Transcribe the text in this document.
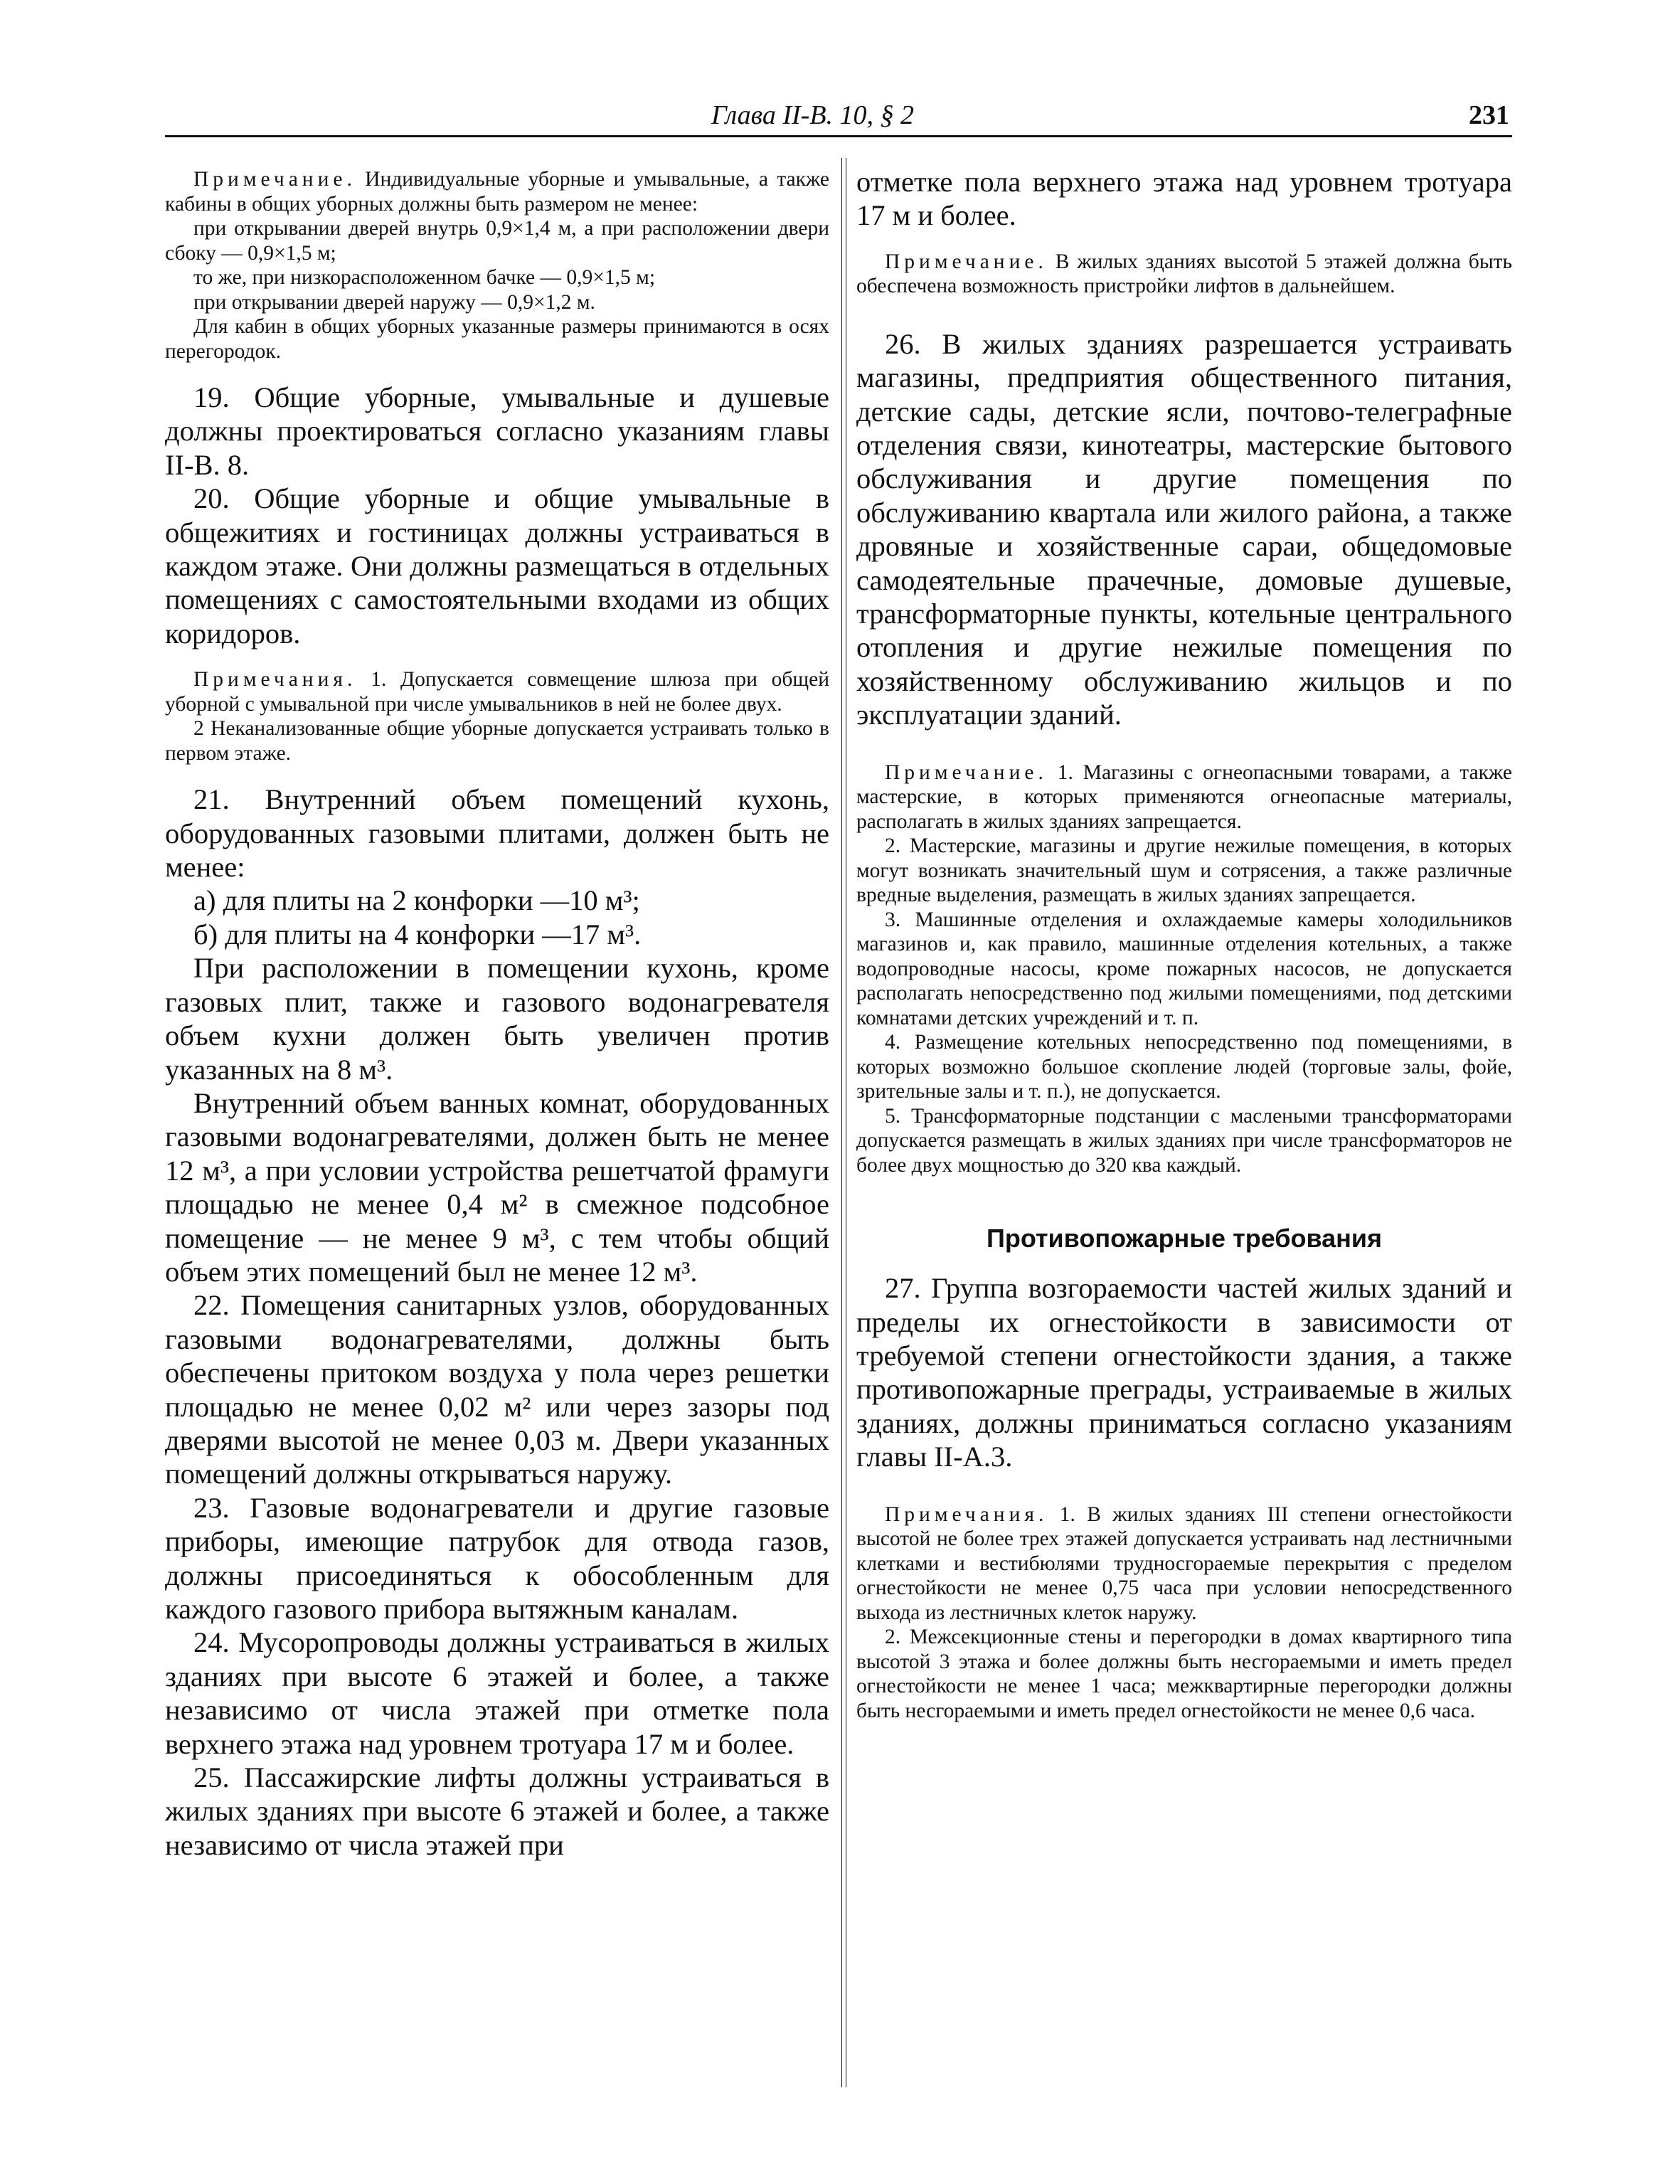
Глава II-В. 10, § 2	231

Примечание. Индивидуальные уборные и умывальные, а также кабины в общих уборных должны быть размером не менее:

при открывании дверей внутрь 0,9×1,4 м, а при расположении двери сбоку — 0,9×1,5 м;

то же, при низкорасположенном бачке — 0,9×1,5 м;

при открывании дверей наружу — 0,9×1,2 м.

Для кабин в общих уборных указанные размеры принимаются в осях перегородок.

19. Общие уборные, умывальные и душевые должны проектироваться согласно указаниям главы II-В. 8.

20. Общие уборные и общие умывальные в общежитиях и гостиницах должны устраиваться в каждом этаже. Они должны размещаться в отдельных помещениях с самостоятельными входами из общих коридоров.

Примечания. 1. Допускается совмещение шлюза при общей уборной с умывальной при числе умывальников в ней не более двух.

2 Неканализованные общие уборные допускается устраивать только в первом этаже.

21. Внутренний объем помещений кухонь, оборудованных газовыми плитами, должен быть не менее:

а) для плиты на 2 конфорки —10 м³;

б) для плиты на 4 конфорки —17 м³.

При расположении в помещении кухонь, кроме газовых плит, также и газового водонагревателя объем кухни должен быть увеличен против указанных на 8 м³.

Внутренний объем ванных комнат, оборудованных газовыми водонагревателями, должен быть не менее 12 м³, а при условии устройства решетчатой фрамуги площадью не менее 0,4 м² в смежное подсобное помещение — не менее 9 м³, с тем чтобы общий объем этих помещений был не менее 12 м³.

22. Помещения санитарных узлов, оборудованных газовыми водонагревателями, должны быть обеспечены притоком воздуха у пола через решетки площадью не менее 0,02 м² или через зазоры под дверями высотой не менее 0,03 м. Двери указанных помещений должны открываться наружу.

23. Газовые водонагреватели и другие газовые приборы, имеющие патрубок для отвода газов, должны присоединяться к обособленным для каждого газового прибора вытяжным каналам.

24. Мусоропроводы должны устраиваться в жилых зданиях при высоте 6 этажей и более, а также независимо от числа этажей при отметке пола верхнего этажа над уровнем тротуара 17 м и более.

25. Пассажирские лифты должны устраиваться в жилых зданиях при высоте 6 этажей и более, а также независимо от числа этажей при

отметке пола верхнего этажа над уровнем тротуара 17 м и более.

Примечание. В жилых зданиях высотой 5 этажей должна быть обеспечена возможность пристройки лифтов в дальнейшем.

26. В жилых зданиях разрешается устраивать магазины, предприятия общественного питания, детские сады, детские ясли, почтово-телеграфные отделения связи, кинотеатры, мастерские бытового обслуживания и другие помещения по обслуживанию квартала или жилого района, а также дровяные и хозяйственные сараи, общедомовые самодеятельные прачечные, домовые душевые, трансформаторные пункты, котельные центрального отопления и другие нежилые помещения по хозяйственному обслуживанию жильцов и по эксплуатации зданий.

Примечание. 1. Магазины с огнеопасными товарами, а также мастерские, в которых применяются огнеопасные материалы, располагать в жилых зданиях запрещается.

2. Мастерские, магазины и другие нежилые помещения, в которых могут возникать значительный шум и сотрясения, а также различные вредные выделения, размещать в жилых зданиях запрещается.

3. Машинные отделения и охлаждаемые камеры холодильников магазинов и, как правило, машинные отделения котельных, а также водопроводные насосы, кроме пожарных насосов, не допускается располагать непосредственно под жилыми помещениями, под детскими комнатами детских учреждений и т. п.

4. Размещение котельных непосредственно под помещениями, в которых возможно большое скопление людей (торговые залы, фойе, зрительные залы и т. п.), не допускается.

5. Трансформаторные подстанции с маслеными трансформаторами допускается размещать в жилых зданиях при числе трансформаторов не более двух мощностью до 320 ква каждый.

Противопожарные требования

27. Группа возгораемости частей жилых зданий и пределы их огнестойкости в зависимости от требуемой степени огнестойкости здания, а также противопожарные преграды, устраиваемые в жилых зданиях, должны приниматься согласно указаниям главы II-А.3.

Примечания. 1. В жилых зданиях III степени огнестойкости высотой не более трех этажей допускается устраивать над лестничными клетками и вестибюлями трудносгораемые перекрытия с пределом огнестойкости не менее 0,75 часа при условии непосредственного выхода из лестничных клеток наружу.

2. Межсекционные стены и перегородки в домах квартирного типа высотой 3 этажа и более должны быть несгораемыми и иметь предел огнестойкости не менее 1 часа; межквартирные перегородки должны быть несгораемыми и иметь предел огнестойкости не менее 0,6 часа.
